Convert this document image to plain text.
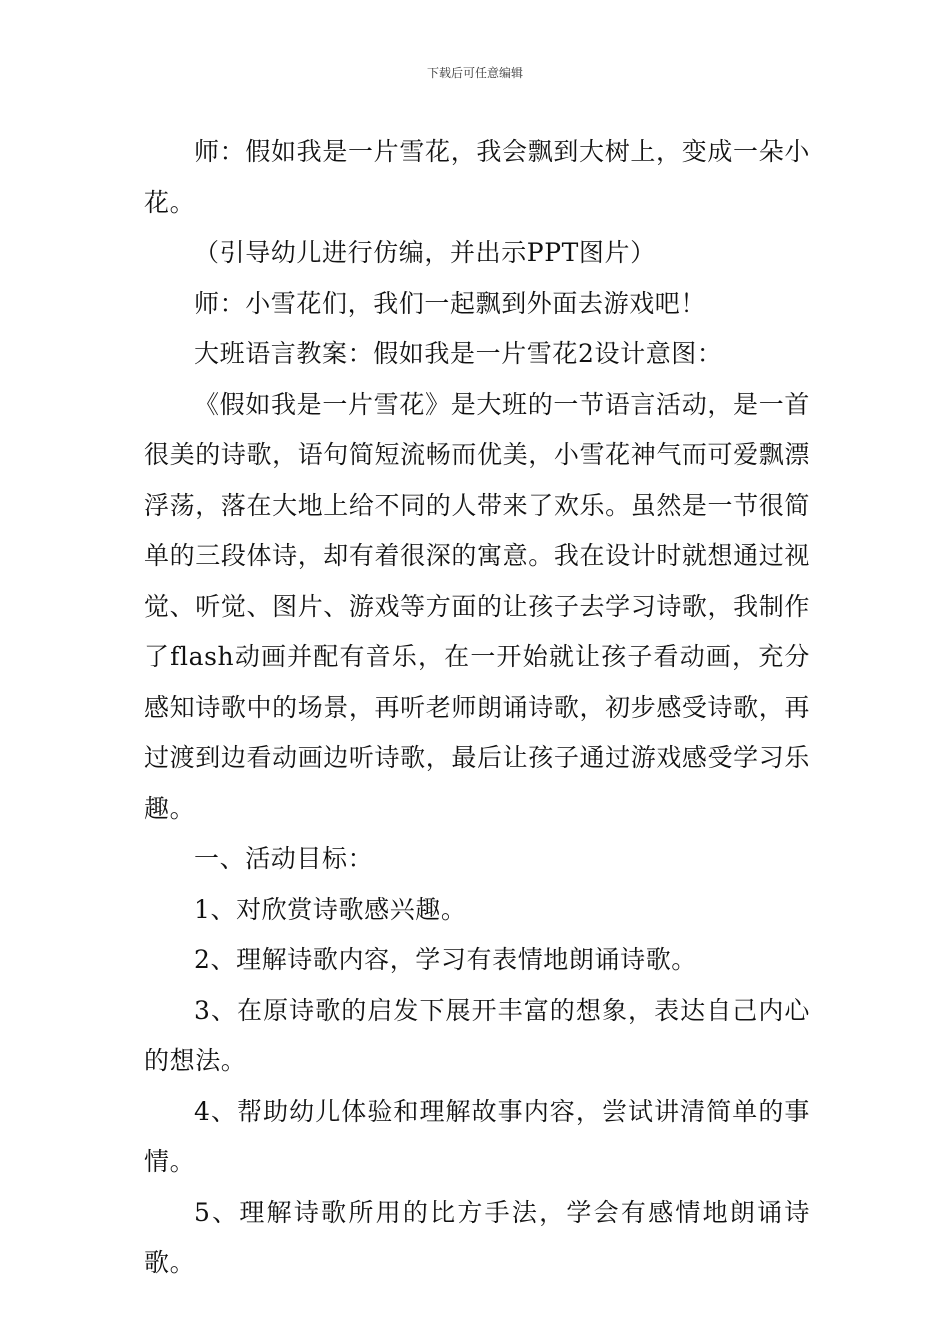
下载后可任意编辑

师：假如我是一片雪花，我会飘到大树上，变成一朵小花。

（引导幼儿进行仿编，并出示PPT图片）

师：小雪花们，我们一起飘到外面去游戏吧！

大班语言教案：假如我是一片雪花2设计意图：

《假如我是一片雪花》是大班的一节语言活动，是一首很美的诗歌，语句简短流畅而优美，小雪花神气而可爱飘漂浮荡，落在大地上给不同的人带来了欢乐。虽然是一节很简单的三段体诗，却有着很深的寓意。我在设计时就想通过视觉、听觉、图片、游戏等方面的让孩子去学习诗歌，我制作了flash动画并配有音乐，在一开始就让孩子看动画，充分感知诗歌中的场景，再听老师朗诵诗歌，初步感受诗歌，再过渡到边看动画边听诗歌，最后让孩子通过游戏感受学习乐趣。

一、活动目标：

1、对欣赏诗歌感兴趣。

2、理解诗歌内容，学习有表情地朗诵诗歌。

3、在原诗歌的启发下展开丰富的想象，表达自己内心的想法。

4、帮助幼儿体验和理解故事内容，尝试讲清简单的事情。

5、理解诗歌所用的比方手法，学会有感情地朗诵诗歌。
